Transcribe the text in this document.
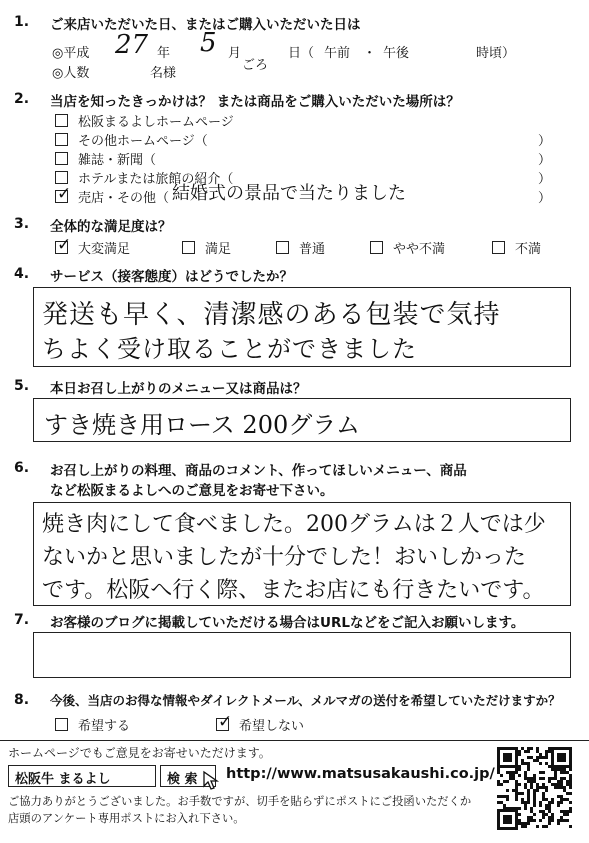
1. ご来店いただいた日、またはご購入いただいた日は
◎平成 27 年 5 月
ごろ
日（ 午前 ・ 午後	時頃）
◎人数	名様
2. 当店を知ったきっかけは？ または商品をご購入いただいた場所は？
松阪まるよしホームページ
その他ホームページ（	）
雑誌・新聞（	）
ホテルまたは旅館の紹介（	）
✓
売店・その他（ 結婚式の景品で当たりました	）
3. 全体的な満足度は？
✓
大変満足	満足	普通	やや不満	不満
4. サービス（接客態度）はどうでしたか？
発送も早く、清潔感のある包装で気持
ちよく受け取ることができました
5. 本日お召し上がりのメニュー又は商品は？
すき焼き用ロース 200グラム
6. お召し上がりの料理、商品のコメント、作ってほしいメニュー、商品
など松阪まるよしへのご意見をお寄せ下さい。
焼き肉にして食べました。200グラムは２人では少
ないかと思いましたが十分でした！おいしかった
です。松阪へ行く際、またお店にも行きたいです。
7. お客様のブログに掲載していただける場合はURLなどをご記入お願いします。
8. 今後、当店のお得な情報やダイレクトメール、メルマガの送付を希望していただけますか？
希望する
✓	希望しない
ホームページでもご意見をお寄せいただけます。
松阪牛 まるよし	検 索 http://www.matsusakaushi.co.jp/
ご協力ありがとうございました。お手数ですが、切手を貼らずにポストにご投函いただくか
店頭のアンケート専用ポストにお入れ下さい。
